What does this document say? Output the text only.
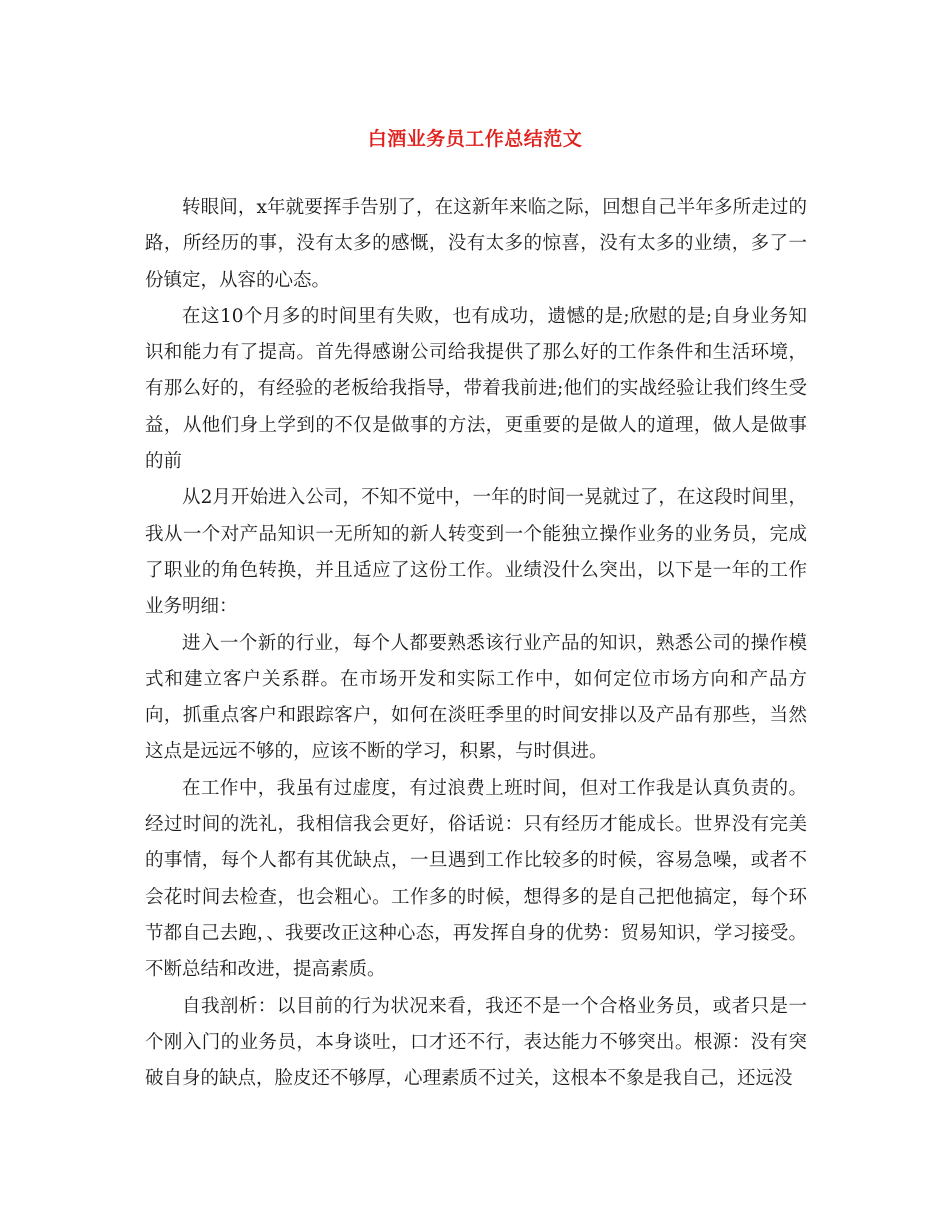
白酒业务员工作总结范文

转眼间，x年就要挥手告别了，在这新年来临之际，回想自己半年多所走过的路，所经历的事，没有太多的感慨，没有太多的惊喜，没有太多的业绩，多了一份镇定，从容的心态。

在这10个月多的时间里有失败，也有成功，遗憾的是;欣慰的是;自身业务知识和能力有了提高。首先得感谢公司给我提供了那么好的工作条件和生活环境，有那么好的，有经验的老板给我指导，带着我前进;他们的实战经验让我们终生受益，从他们身上学到的不仅是做事的方法，更重要的是做人的道理，做人是做事的前

从2月开始进入公司，不知不觉中，一年的时间一晃就过了，在这段时间里，我从一个对产品知识一无所知的新人转变到一个能独立操作业务的业务员，完成了职业的角色转换，并且适应了这份工作。业绩没什么突出，以下是一年的工作业务明细：

进入一个新的行业，每个人都要熟悉该行业产品的知识，熟悉公司的操作模式和建立客户关系群。在市场开发和实际工作中，如何定位市场方向和产品方向，抓重点客户和跟踪客户，如何在淡旺季里的时间安排以及产品有那些，当然这点是远远不够的，应该不断的学习，积累，与时俱进。

在工作中，我虽有过虚度，有过浪费上班时间，但对工作我是认真负责的。经过时间的洗礼，我相信我会更好，俗话说：只有经历才能成长。世界没有完美的事情，每个人都有其优缺点，一旦遇到工作比较多的时候，容易急噪，或者不会花时间去检查，也会粗心。工作多的时候，想得多的是自己把他搞定，每个环节都自己去跑，、我要改正这种心态，再发挥自身的优势：贸易知识，学习接受。不断总结和改进，提高素质。

自我剖析：以目前的行为状况来看，我还不是一个合格业务员，或者只是一个刚入门的业务员，本身谈吐，口才还不行，表达能力不够突出。根源：没有突破自身的缺点，脸皮还不够厚，心理素质不过关，这根本不象是我自己，还远没
